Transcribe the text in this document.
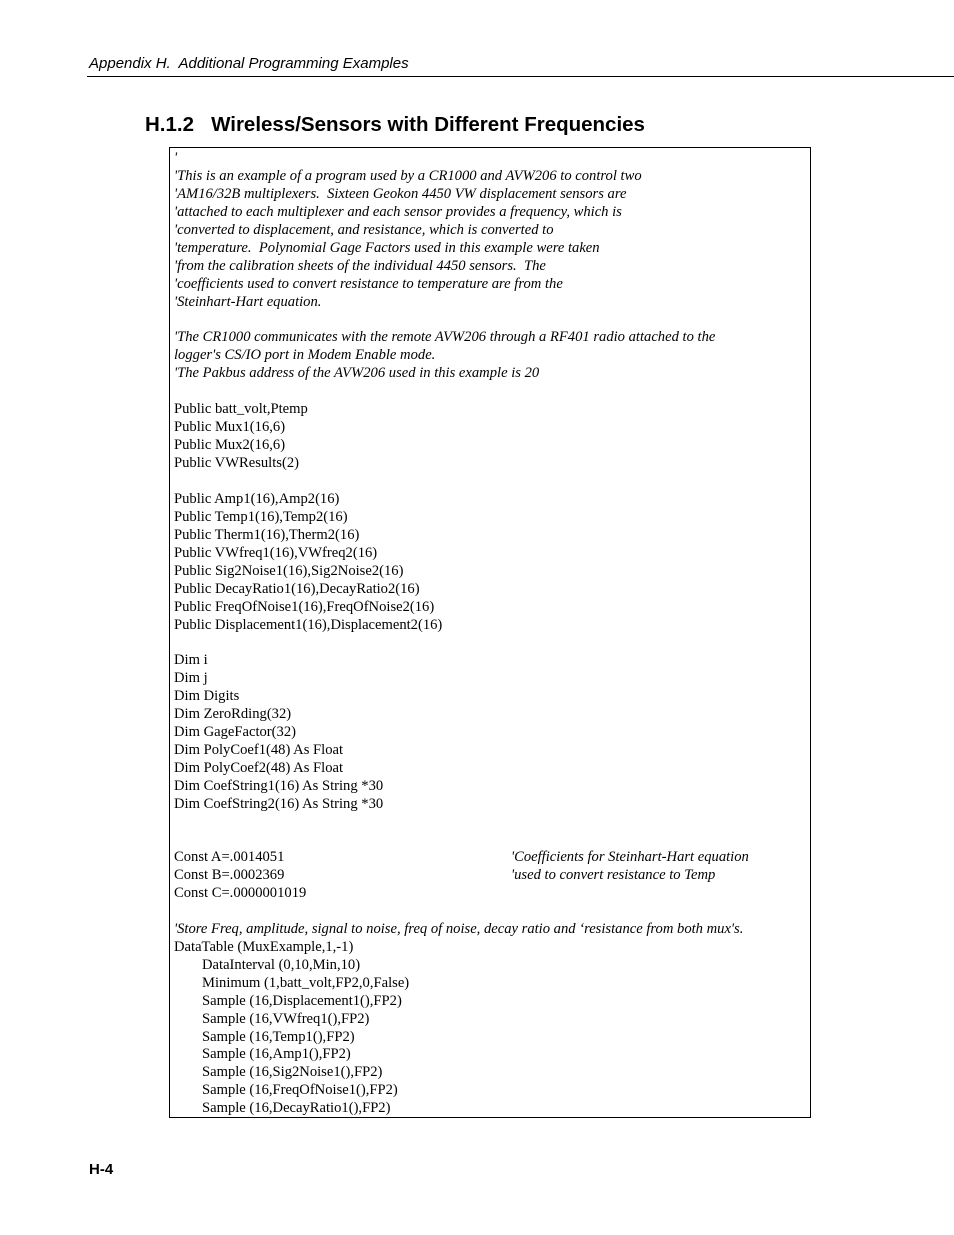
Appendix H.  Additional Programming Examples
H.1.2 Wireless/Sensors with Different Frequencies
'
'This is an example of a program used by a CR1000 and AVW206 to control two
'AM16/32B multiplexers.  Sixteen Geokon 4450 VW displacement sensors are
'attached to each multiplexer and each sensor provides a frequency, which is
'converted to displacement, and resistance, which is converted to
'temperature.  Polynomial Gage Factors used in this example were taken
'from the calibration sheets of the individual 4450 sensors.  The
'coefficients used to convert resistance to temperature are from the
'Steinhart-Hart equation.
'The CR1000 communicates with the remote AVW206 through a RF401 radio attached to the
logger's CS/IO port in Modem Enable mode.
'The Pakbus address of the AVW206 used in this example is 20
Public batt_volt,Ptemp
Public Mux1(16,6)
Public Mux2(16,6)
Public VWResults(2)
Public Amp1(16),Amp2(16)
Public Temp1(16),Temp2(16)
Public Therm1(16),Therm2(16)
Public VWfreq1(16),VWfreq2(16)
Public Sig2Noise1(16),Sig2Noise2(16)
Public DecayRatio1(16),DecayRatio2(16)
Public FreqOfNoise1(16),FreqOfNoise2(16)
Public Displacement1(16),Displacement2(16)
Dim i
Dim j
Dim Digits
Dim ZeroRding(32)
Dim GageFactor(32)
Dim PolyCoef1(48) As Float
Dim PolyCoef2(48) As Float
Dim CoefString1(16) As String *30
Dim CoefString2(16) As String *30
Const A=.0014051	'Coefficients for Steinhart-Hart equation
Const B=.0002369	'used to convert resistance to Temp
Const C=.0000001019
'Store Freq, amplitude, signal to noise, freq of noise, decay ratio and ‘resistance from both mux's.
DataTable (MuxExample,1,-1)
DataInterval (0,10,Min,10)
Minimum (1,batt_volt,FP2,0,False)
Sample (16,Displacement1(),FP2)
Sample (16,VWfreq1(),FP2)
Sample (16,Temp1(),FP2)
Sample (16,Amp1(),FP2)
Sample (16,Sig2Noise1(),FP2)
Sample (16,FreqOfNoise1(),FP2)
Sample (16,DecayRatio1(),FP2)
H-4
